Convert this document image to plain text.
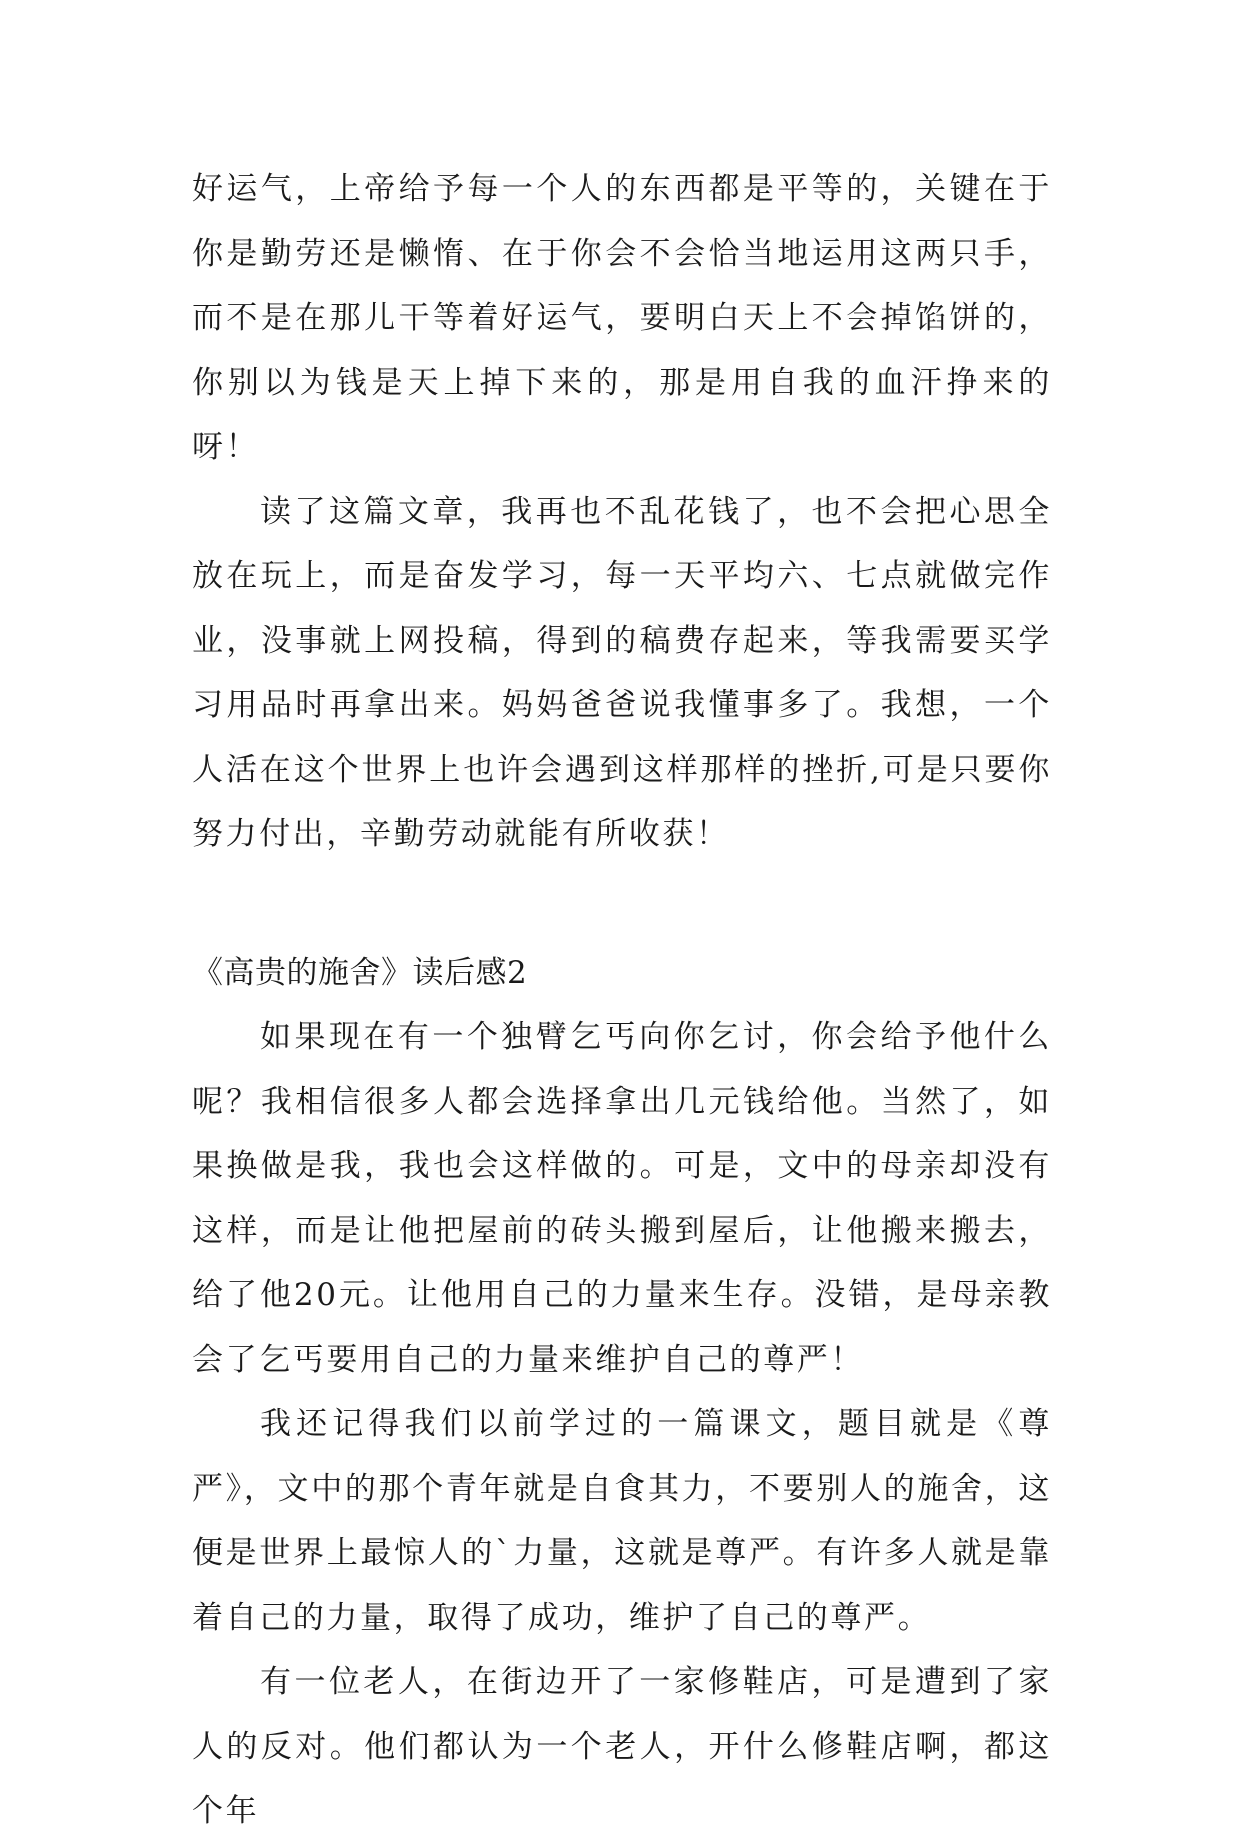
好运气，上帝给予每一个人的东西都是平等的，关键在于你是勤劳还是懒惰、在于你会不会恰当地运用这两只手，而不是在那儿干等着好运气，要明白天上不会掉馅饼的，你别以为钱是天上掉下来的，那是用自我的血汗挣来的呀！

读了这篇文章，我再也不乱花钱了，也不会把心思全放在玩上，而是奋发学习，每一天平均六、七点就做完作业，没事就上网投稿，得到的稿费存起来，等我需要买学习用品时再拿出来。妈妈爸爸说我懂事多了。我想，一个人活在这个世界上也许会遇到这样那样的挫折,可是只要你努力付出，辛勤劳动就能有所收获！

《高贵的施舍》读后感2

如果现在有一个独臂乞丐向你乞讨，你会给予他什么呢？我相信很多人都会选择拿出几元钱给他。当然了，如果换做是我，我也会这样做的。可是，文中的母亲却没有这样，而是让他把屋前的砖头搬到屋后，让他搬来搬去，给了他20元。让他用自己的力量来生存。没错，是母亲教会了乞丐要用自己的力量来维护自己的尊严！

我还记得我们以前学过的一篇课文，题目就是《尊严》，文中的那个青年就是自食其力，不要别人的施舍，这便是世界上最惊人的`力量，这就是尊严。有许多人就是靠着自己的力量，取得了成功，维护了自己的尊严。

有一位老人，在街边开了一家修鞋店，可是遭到了家人的反对。他们都认为一个老人，开什么修鞋店啊，都这个年
